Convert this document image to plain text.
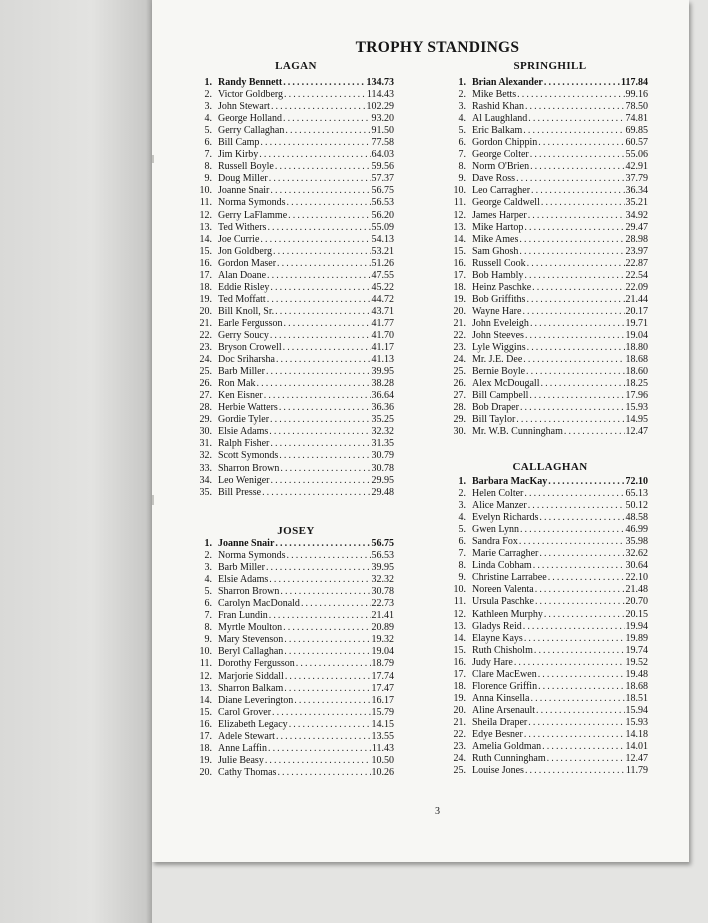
TROPHY STANDINGS
LAGAN
1. Randy Bennett .....	134.73
2. Victor Goldberg .....	114.43
3. John Stewart .....	102.29
4. George Holland .....	93.20
5. Gerry Callaghan .....	91.50
6. Bill Camp .....	77.58
7. Jim Kirby .....	64.03
8. Russell Boyle .....	59.56
9. Doug Miller .....	57.37
10. Joanne Snair .....	56.75
11. Norma Symonds .....	56.53
12. Gerry LaFlamme .....	56.20
13. Ted Withers .....	55.09
14. Joe Currie .....	54.13
15. Jon Goldberg .....	53.21
16. Gordon Maser .....	51.26
17. Alan Doane .....	47.55
18. Eddie Risley .....	45.22
19. Ted Moffatt .....	44.72
20. Bill Knoll, Sr. .....	43.71
21. Earle Fergusson .....	41.77
22. Gerry Soucy .....	41.70
23. Bryson Crowell .....	41.17
24. Doc Sriharsha .....	41.13
25. Barb Miller .....	39.95
26. Ron Mak .....	38.28
27. Ken Eisner .....	36.64
28. Herbie Watters .....	36.36
29. Gordie Tyler .....	35.25
30. Elsie Adams .....	32.32
31. Ralph Fisher .....	31.35
32. Scott Symonds .....	30.79
33. Sharron Brown .....	30.78
34. Leo Weniger .....	29.95
35. Bill Presse .....	29.48
JOSEY
1. Joanne Snair .....	56.75
2. Norma Symonds .....	56.53
3. Barb Miller .....	39.95
4. Elsie Adams .....	32.32
5. Sharron Brown .....	30.78
6. Carolyn MacDonald .....	22.73
7. Fran Lundin .....	21.41
8. Myrtle Moulton .....	20.89
9. Mary Stevenson .....	19.32
10. Beryl Callaghan .....	19.04
11. Dorothy Fergusson .....	18.79
12. Marjorie Siddall .....	17.74
13. Sharron Balkam .....	17.47
14. Diane Leverington .....	16.17
15. Carol Grover .....	15.79
16. Elizabeth Legacy .....	14.15
17. Adele Stewart .....	13.55
18. Anne Laffin .....	11.43
19. Julie Beasy .....	10.50
20. Cathy Thomas .....	10.26
SPRINGHILL
1. Brian Alexander .....	117.84
2. Mike Betts .....	99.16
3. Rashid Khan .....	78.50
4. Al Laughland .....	74.81
5. Eric Balkam .....	69.85
6. Gordon Chippin .....	60.57
7. George Colter .....	55.06
8. Norm O'Brien .....	42.91
9. Dave Ross .....	37.79
10. Leo Carragher .....	36.34
11. George Caldwell .....	35.21
12. James Harper .....	34.92
13. Mike Hartop .....	29.47
14. Mike Ames .....	28.98
15. Sam Ghosh .....	23.97
16. Russell Cook .....	22.87
17. Bob Hambly .....	22.54
18. Heinz Paschke .....	22.09
19. Bob Griffiths .....	21.44
20. Wayne Hare .....	20.17
21. John Eveleigh .....	19.71
22. John Steeves .....	19.04
23. Lyle Wiggins .....	18.80
24. Mr. J.E. Dee .....	18.68
25. Bernie Boyle .....	18.60
26. Alex McDougall .....	18.25
27. Bill Campbell .....	17.96
28. Bob Draper .....	15.93
29. Bill Taylor .....	14.95
30. Mr. W.B. Cunningham .....	12.47
CALLAGHAN
1. Barbara MacKay .....	72.10
2. Helen Colter .....	65.13
3. Alice Manzer .....	50.12
4. Evelyn Richards .....	48.58
5. Gwen Lynn .....	46.99
6. Sandra Fox .....	35.98
7. Marie Carragher .....	32.62
8. Linda Cobham .....	30.64
9. Christine Larrabee .....	22.10
10. Noreen Valenta .....	21.48
11. Ursula Paschke .....	20.70
12. Kathleen Murphy .....	20.15
13. Gladys Reid .....	19.94
14. Elayne Kays .....	19.89
15. Ruth Chisholm .....	19.74
16. Judy Hare .....	19.52
17. Clare MacEwen .....	19.48
18. Florence Griffin .....	18.68
19. Anna Kinsella .....	18.51
20. Aline Arsenault .....	15.94
21. Sheila Draper .....	15.93
22. Edye Besner .....	14.18
23. Amelia Goldman .....	14.01
24. Ruth Cunningham .....	12.47
25. Louise Jones .....	11.79
3
